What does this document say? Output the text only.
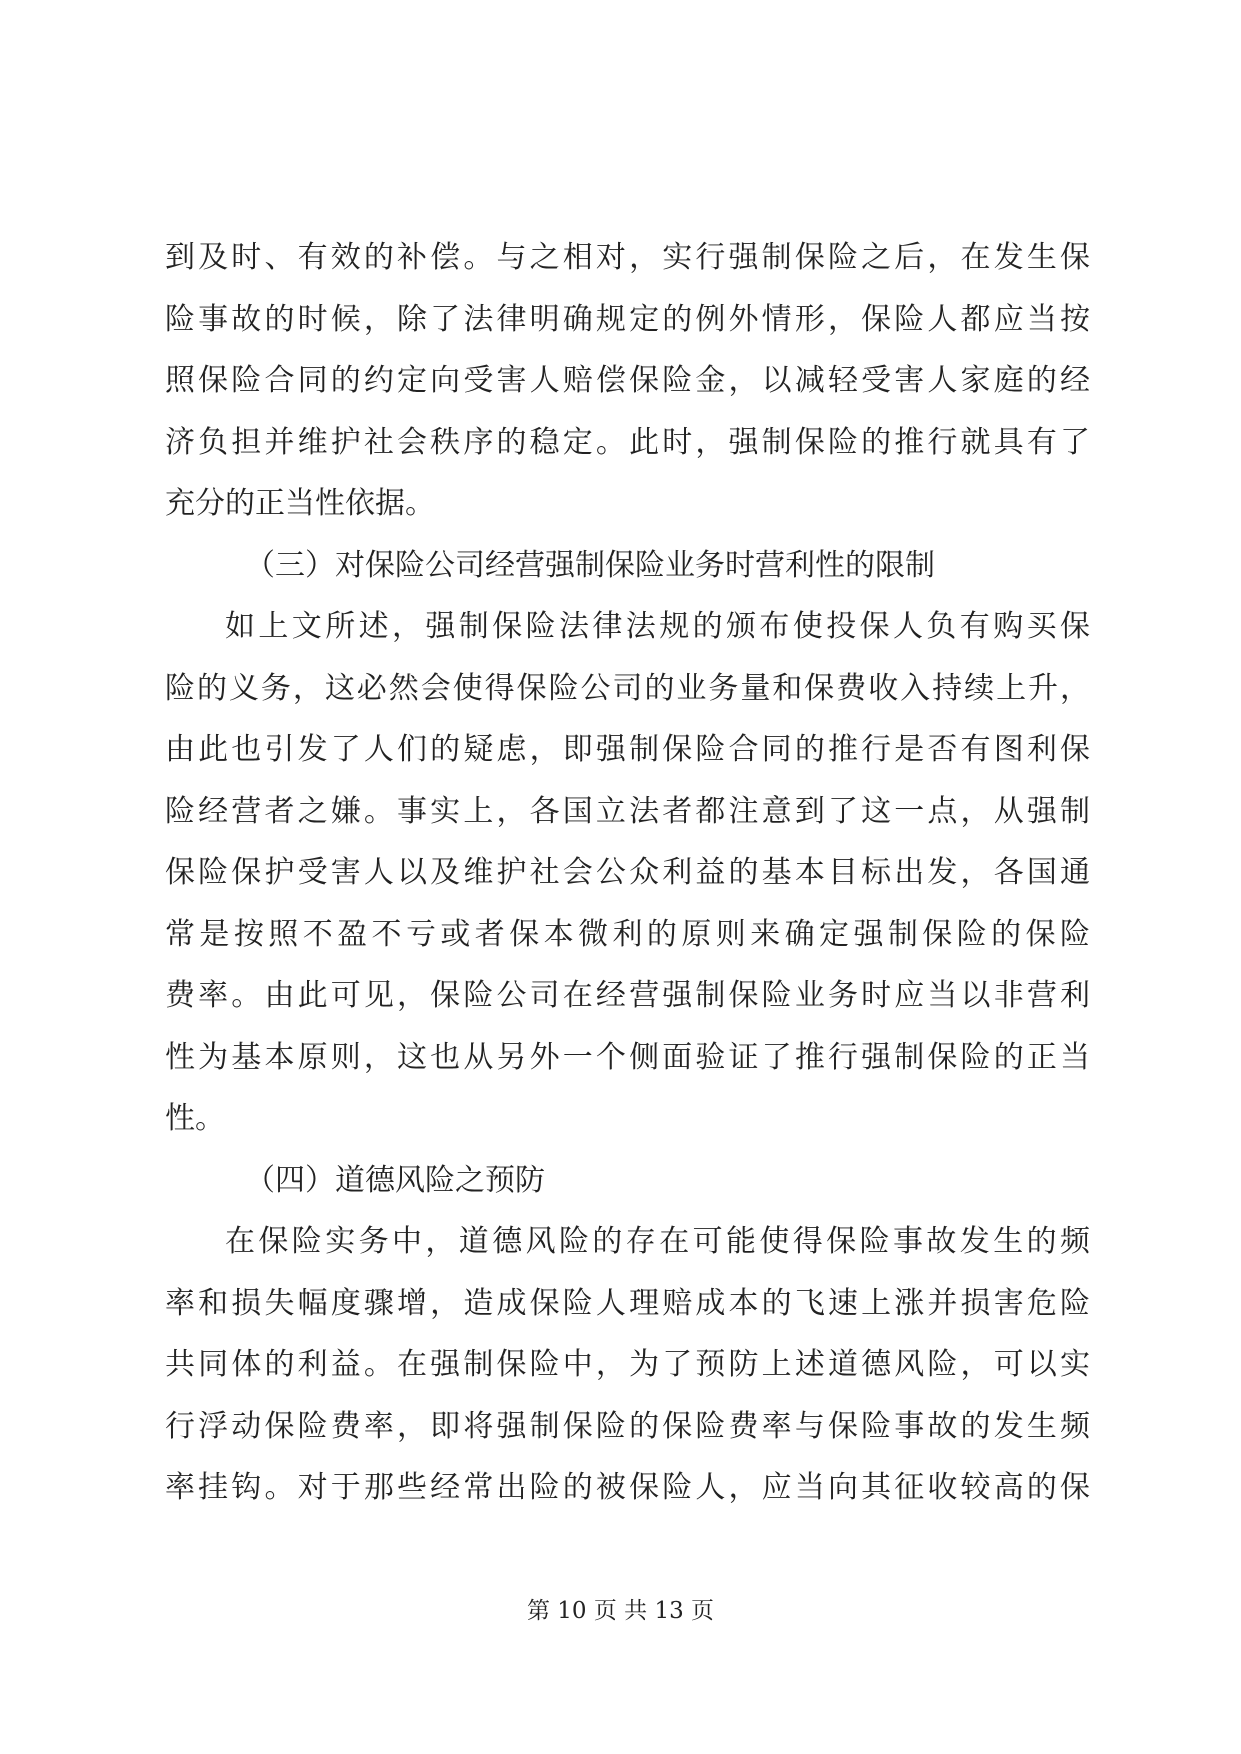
到及时、有效的补偿。与之相对，实行强制保险之后，在发生保
险事故的时候，除了法律明确规定的例外情形，保险人都应当按
照保险合同的约定向受害人赔偿保险金，以减轻受害人家庭的经
济负担并维护社会秩序的稳定。此时，强制保险的推行就具有了
充分的正当性依据。
（三）对保险公司经营强制保险业务时营利性的限制
如上文所述，强制保险法律法规的颁布使投保人负有购买保
险的义务，这必然会使得保险公司的业务量和保费收入持续上升，
由此也引发了人们的疑虑，即强制保险合同的推行是否有图利保
险经营者之嫌。事实上，各国立法者都注意到了这一点，从强制
保险保护受害人以及维护社会公众利益的基本目标出发，各国通
常是按照不盈不亏或者保本微利的原则来确定强制保险的保险
费率。由此可见，保险公司在经营强制保险业务时应当以非营利
性为基本原则，这也从另外一个侧面验证了推行强制保险的正当
性。
（四）道德风险之预防
在保险实务中，道德风险的存在可能使得保险事故发生的频
率和损失幅度骤增，造成保险人理赔成本的飞速上涨并损害危险
共同体的利益。在强制保险中，为了预防上述道德风险，可以实
行浮动保险费率，即将强制保险的保险费率与保险事故的发生频
率挂钩。对于那些经常出险的被保险人，应当向其征收较高的保
第 10 页 共 13 页
